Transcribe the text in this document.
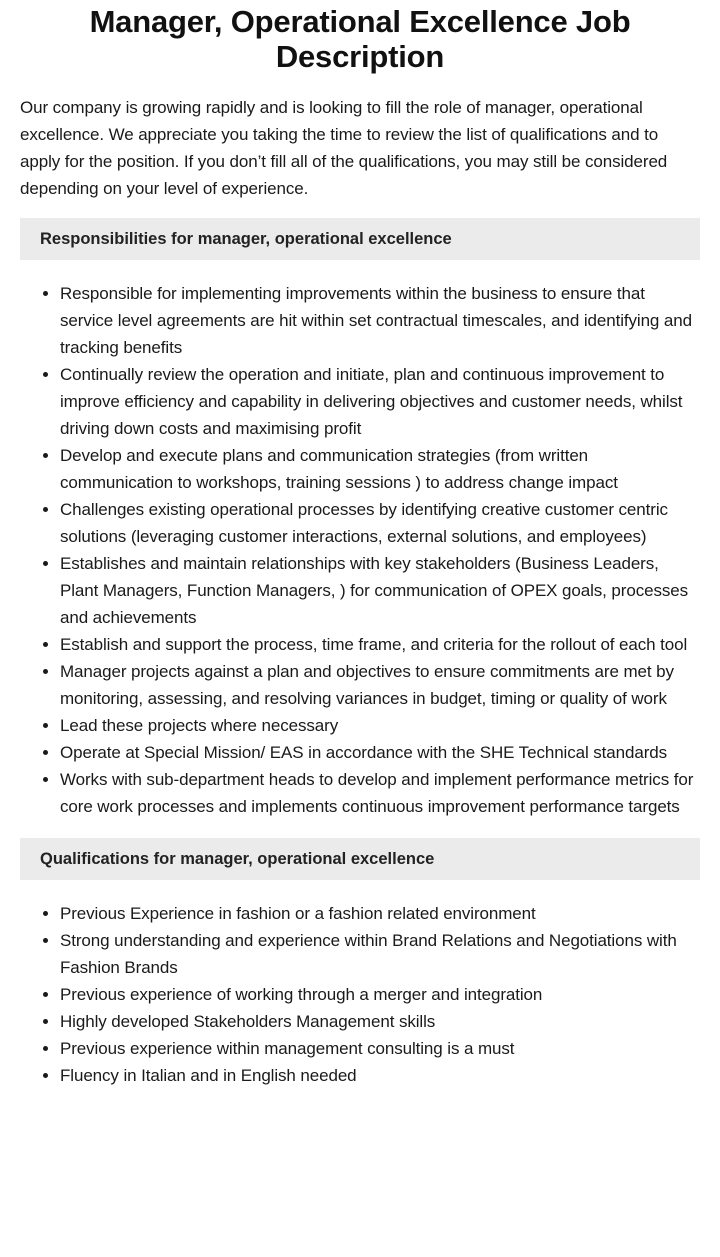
Manager, Operational Excellence Job Description

Our company is growing rapidly and is looking to fill the role of manager, operational excellence. We appreciate you taking the time to review the list of qualifications and to apply for the position. If you don’t fill all of the qualifications, you may still be considered depending on your level of experience.

Responsibilities for manager, operational excellence
• Responsible for implementing improvements within the business to ensure that service level agreements are hit within set contractual timescales, and identifying and tracking benefits
• Continually review the operation and initiate, plan and continuous improvement to improve efficiency and capability in delivering objectives and customer needs, whilst driving down costs and maximising profit
• Develop and execute plans and communication strategies (from written communication to workshops, training sessions ) to address change impact
• Challenges existing operational processes by identifying creative customer centric solutions (leveraging customer interactions, external solutions, and employees)
• Establishes and maintain relationships with key stakeholders (Business Leaders, Plant Managers, Function Managers, ) for communication of OPEX goals, processes and achievements
• Establish and support the process, time frame, and criteria for the rollout of each tool
• Manager projects against a plan and objectives to ensure commitments are met by monitoring, assessing, and resolving variances in budget, timing or quality of work
• Lead these projects where necessary
• Operate at Special Mission/ EAS in accordance with the SHE Technical standards
• Works with sub-department heads to develop and implement performance metrics for core work processes and implements continuous improvement performance targets
Qualifications for manager, operational excellence
• Previous Experience in fashion or a fashion related environment
• Strong understanding and experience within Brand Relations and Negotiations with Fashion Brands
• Previous experience of working through a merger and integration
• Highly developed Stakeholders Management skills
• Previous experience within management consulting is a must
• Fluency in Italian and in English needed
